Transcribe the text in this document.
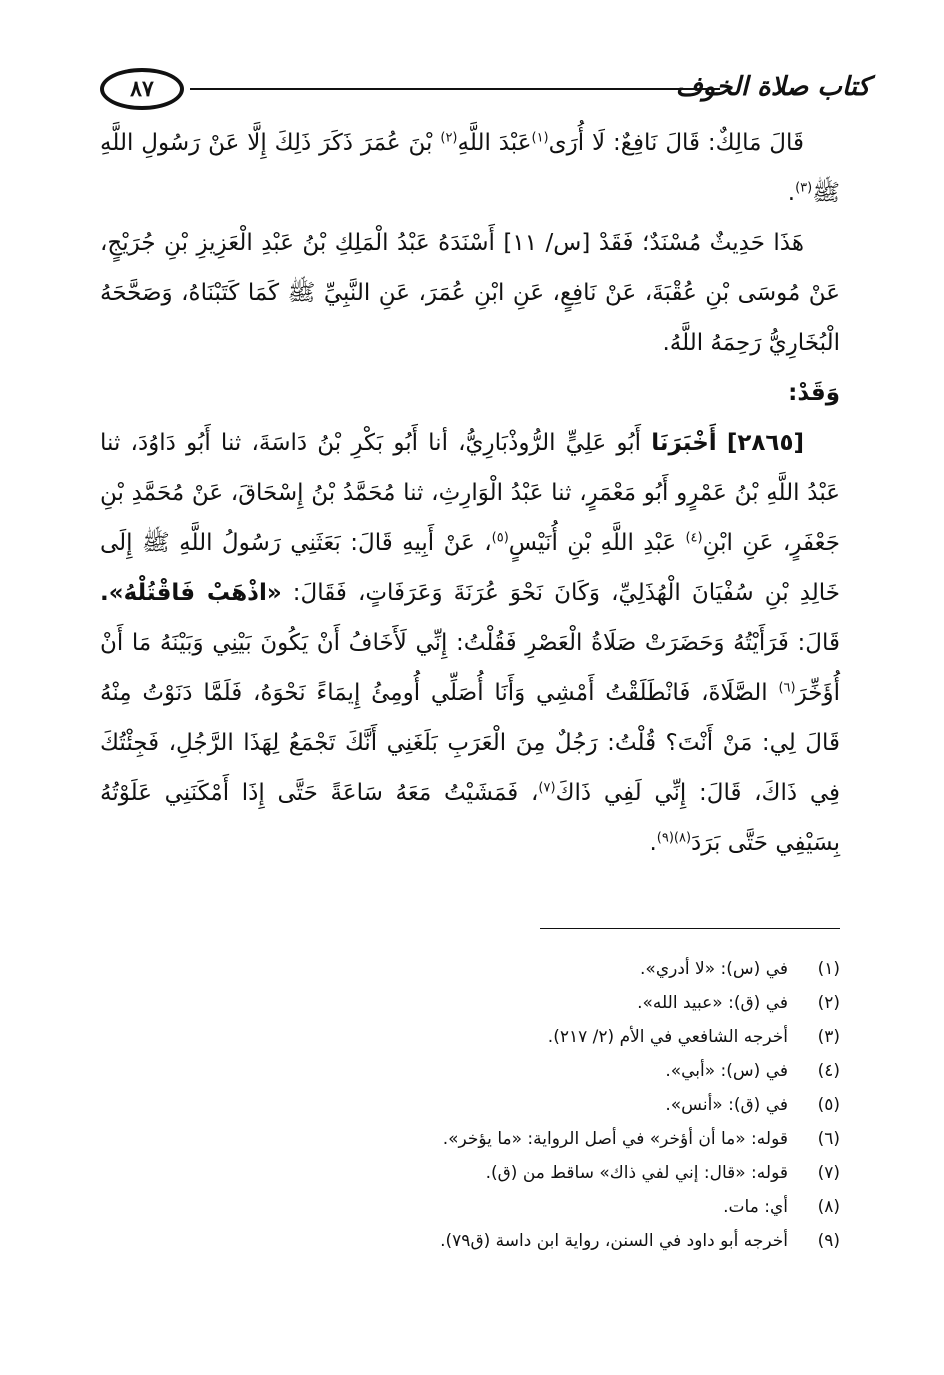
٨٧	كتاب صلاة الخوف

قَالَ مَالِكٌ: قَالَ نَافِعٌ: لَا أُرَى$^{(١)}$عَبْدَ اللَّهِ$^{(٢)}$ بْنَ عُمَرَ ذَكَرَ ذَلِكَ إِلَّا عَنْ رَسُولِ اللَّهِ ﷺ$^{(٣)}$.

هَذَا حَدِيثٌ مُسْنَدٌ؛ فَقَدْ [س/ ١١] أَسْنَدَهُ عَبْدُ الْمَلِكِ بْنُ عَبْدِ الْعَزِيزِ بْنِ جُرَيْجٍ، عَنْ مُوسَى بْنِ عُقْبَةَ، عَنْ نَافِعٍ، عَنِ ابْنِ عُمَرَ، عَنِ النَّبِيِّ ﷺ كَمَا كَتَبْنَاهُ، وَصَحَّحَهُ الْبُخَارِيُّ رَحِمَهُ اللَّهُ.

وَقَدْ:

[٢٨٦٥] أَخْبَرَنَا أَبُو عَلِيٍّ الرُّوذْبَارِيُّ، أنا أَبُو بَكْرِ بْنُ دَاسَةَ، ثنا أَبُو دَاوُدَ، ثنا عَبْدُ اللَّهِ بْنُ عَمْرٍو أَبُو مَعْمَرٍ، ثنا عَبْدُ الْوَارِثِ، ثنا مُحَمَّدُ بْنُ إِسْحَاقَ، عَنْ مُحَمَّدِ بْنِ جَعْفَرٍ، عَنِ ابْنِ$^{(٤)}$ عَبْدِ اللَّهِ بْنِ أُنَيْسٍ$^{(٥)}$، عَنْ أَبِيهِ قَالَ: بَعَثَنِي رَسُولُ اللَّهِ ﷺ إِلَى خَالِدِ بْنِ سُفْيَانَ الْهُذَلِيِّ، وَكَانَ نَحْوَ عُرَنَةَ وَعَرَفَاتٍ، فَقَالَ: «اذْهَبْ فَاقْتُلْهُ». قَالَ: فَرَأَيْتُهُ وَحَضَرَتْ صَلَاةُ الْعَصْرِ فَقُلْتُ: إِنِّي لَأَخَافُ أَنْ يَكُونَ بَيْنِي وَبَيْنَهُ مَا أَنْ أُؤَخِّرَ$^{(٦)}$ الصَّلَاةَ، فَانْطَلَقْتُ أَمْشِي وَأَنَا أُصَلِّي أُومِئُ إِيمَاءً نَحْوَهُ، فَلَمَّا دَنَوْتُ مِنْهُ قَالَ لِي: مَنْ أَنْتَ؟ قُلْتُ: رَجُلٌ مِنَ الْعَرَبِ بَلَغَنِي أَنَّكَ تَجْمَعُ لِهَذَا الرَّجُلِ، فَجِئْتُكَ فِي ذَاكَ، قَالَ: إِنِّي لَفِي ذَاكَ$^{(٧)}$، فَمَشَيْتُ مَعَهُ سَاعَةً حَتَّى إِذَا أَمْكَنَنِي عَلَوْتُهُ بِسَيْفِي حَتَّى بَرَدَ$^{(٨)(٩)}$.

(١)
في (س): «لا أدري».
(٢)
في (ق): «عبيد الله».
(٣)
أخرجه الشافعي في الأم (٢/ ٢١٧).
(٤)
في (س): «أبي».
(٥)
في (ق): «أنس».
(٦)
قوله: «ما أن أؤخر» في أصل الرواية: «ما يؤخر».
(٧)
قوله: «قال: إني لفي ذاك» ساقط من (ق).
(٨)
أي: مات.
(٩)
أخرجه أبو داود في السنن، رواية ابن داسة (ق٧٩).
